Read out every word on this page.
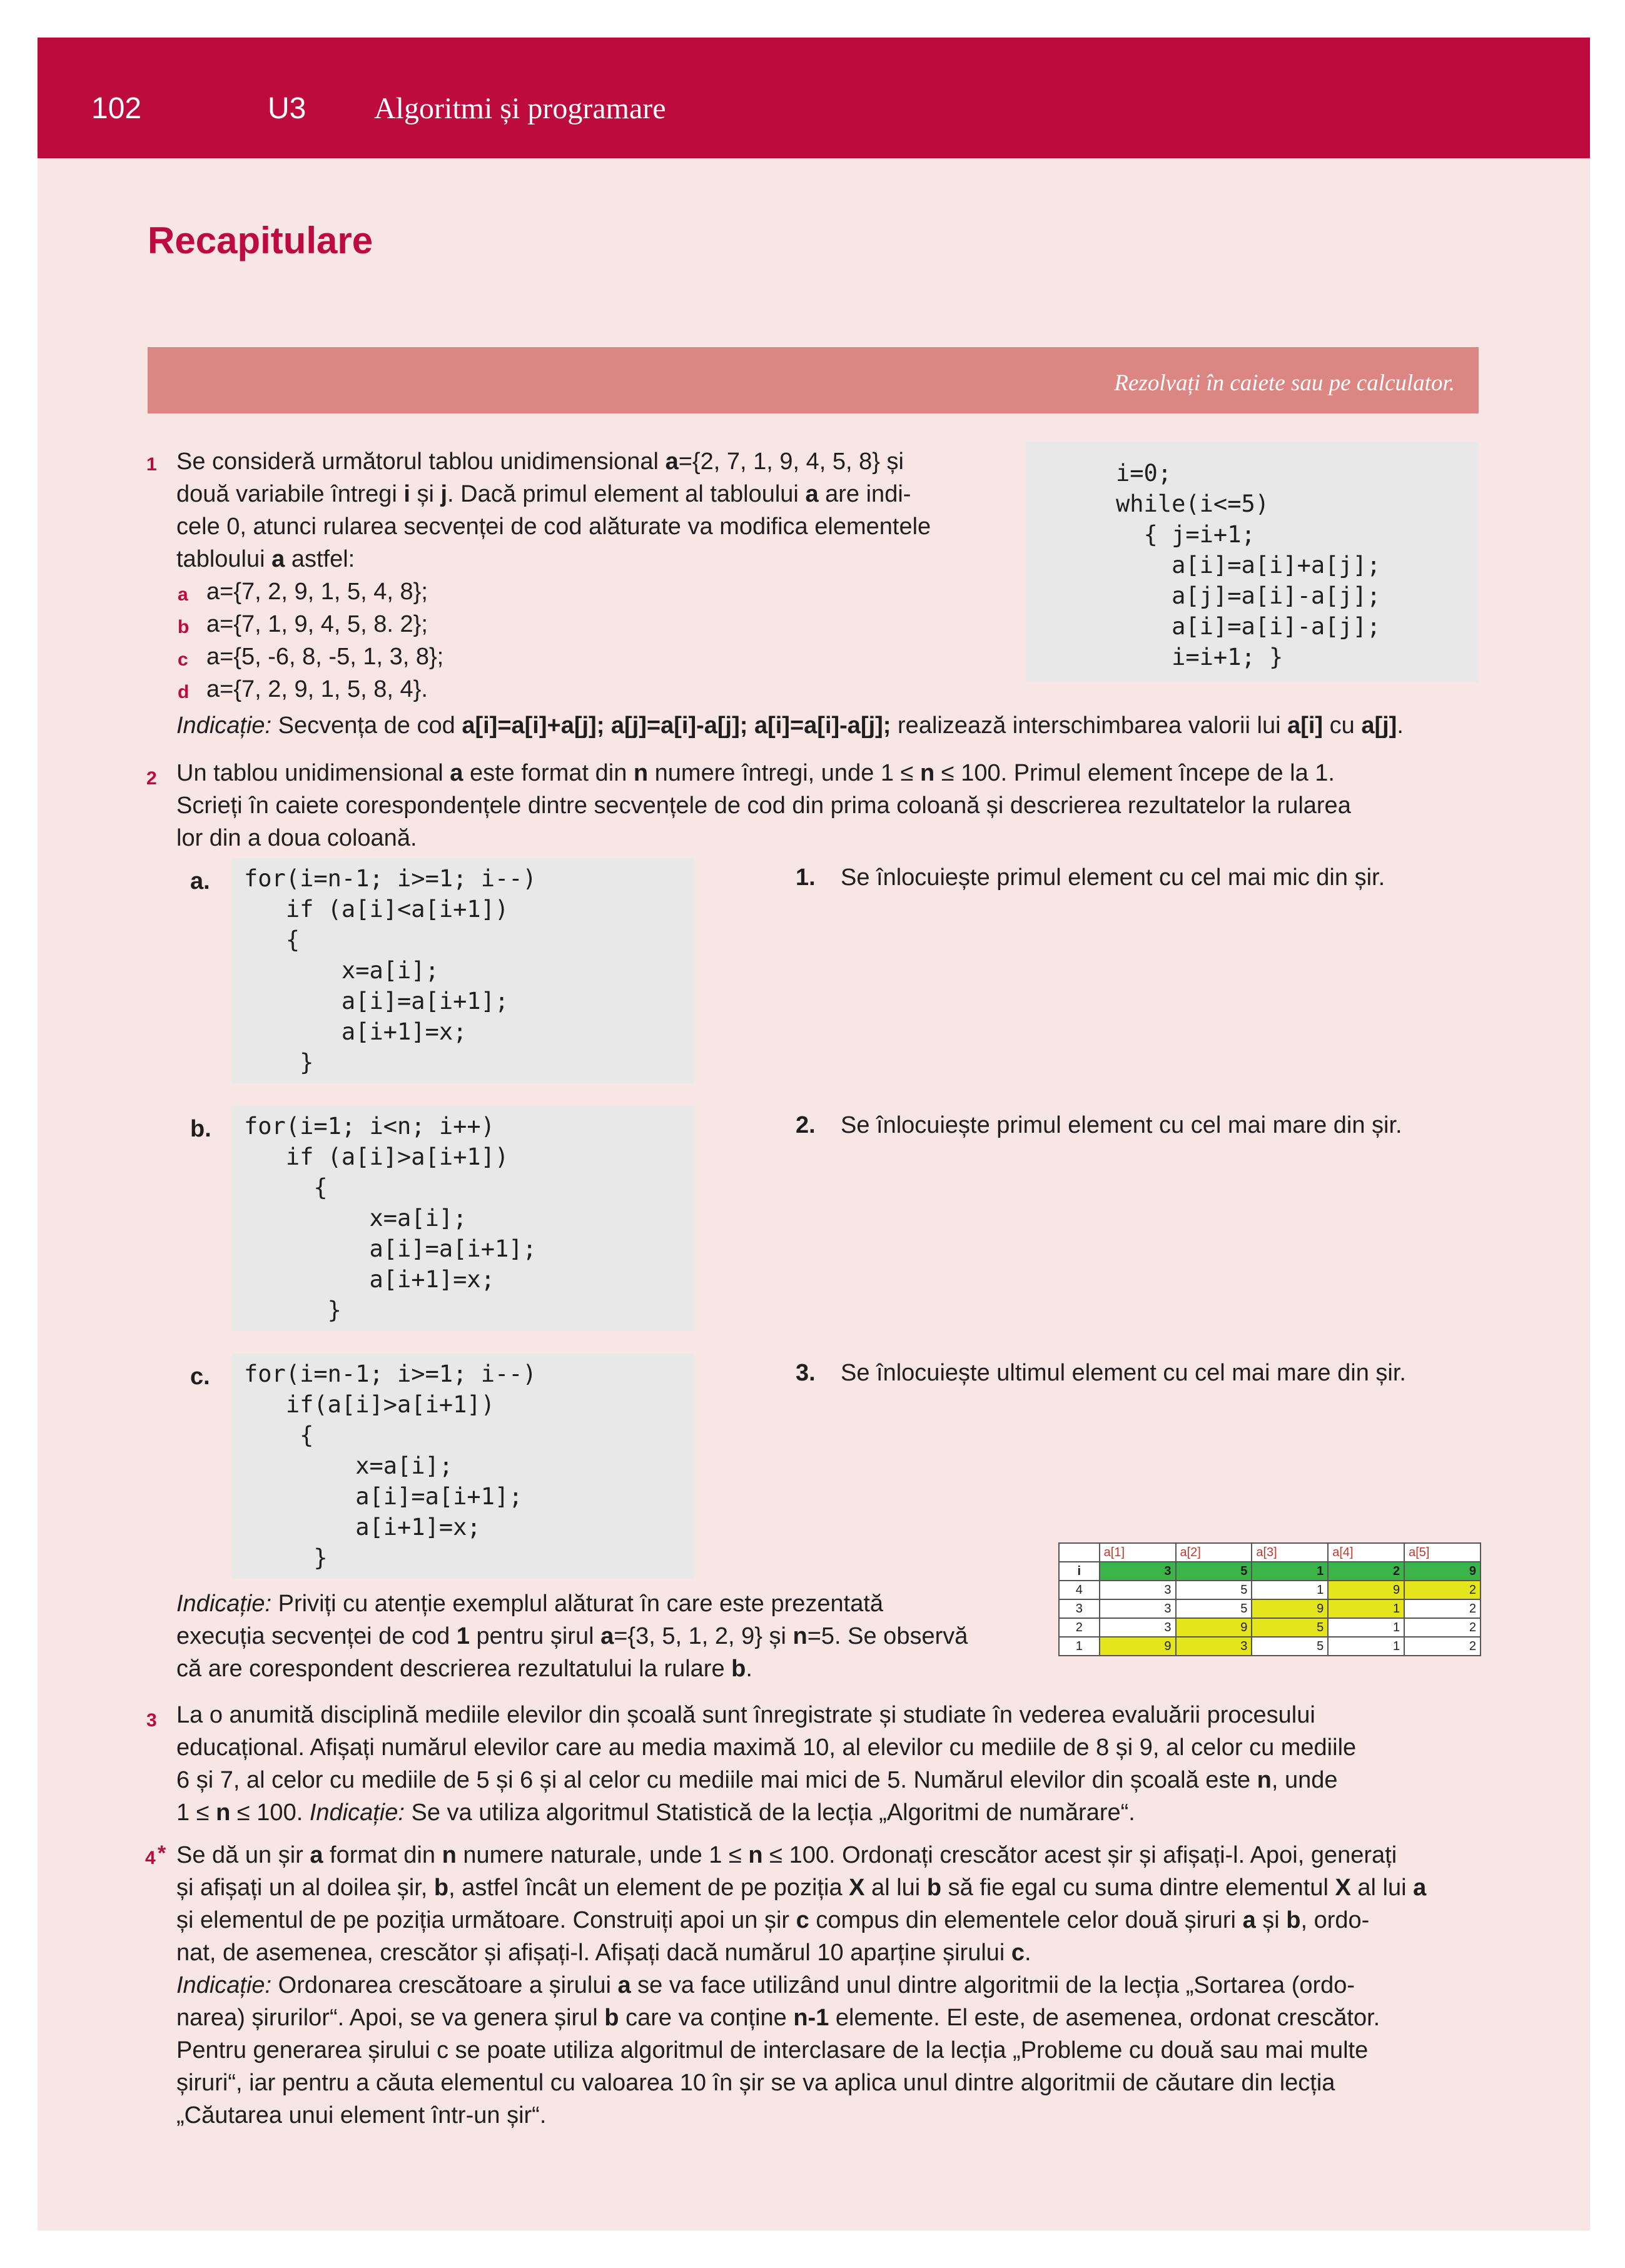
102	U3 Algoritmi și programare
Recapitulare
Rezolvați în caiete sau pe calculator.
1 Se consideră următorul tablou unidimensional a={2, 7, 1, 9, 4, 5, 8} și
două variabile întregi i și j. Dacă primul element al tabloului a are indi-
cele 0, atunci rularea secvenței de cod alăturate va modifica elementele
tabloului a astfel:
a a={7, 2, 9, 1, 5, 4, 8};
b a={7, 1, 9, 4, 5, 8. 2};
c a={5, -6, 8, -5, 1, 3, 8};
d a={7, 2, 9, 1, 5, 8, 4}.
Indicație: Secvența de cod a[i]=a[i]+a[j]; a[j]=a[i]-a[j]; a[i]=a[i]-a[j]; realizează interschimbarea valorii lui a[i] cu a[j].
i=0;
while(i<=5)
{ j=i+1;
a[i]=a[i]+a[j];
a[j]=a[i]-a[j];
a[i]=a[i]-a[j];
i=i+1; }
2 Un tablou unidimensional a este format din n numere întregi, unde 1 ≤ n ≤ 100. Primul element începe de la 1.
Scrieți în caiete corespondențele dintre secvențele de cod din prima coloană și descrierea rezultatelor la rularea
lor din a doua coloană.
a. for(i=n-1; i>=1; i--)
if (a[i]<a[i+1])
{
x=a[i];
a[i]=a[i+1];
a[i+1]=x;
}
b. for(i=1; i<n; i++)
if (a[i]>a[i+1])
{
x=a[i];
a[i]=a[i+1];
a[i+1]=x;
}
c. for(i=n-1; i>=1; i--)
if(a[i]>a[i+1])
{
x=a[i];
a[i]=a[i+1];
a[i+1]=x;
}
1. Se înlocuiește primul element cu cel mai mic din șir.
2. Se înlocuiește primul element cu cel mai mare din șir.
3. Se înlocuiește ultimul element cu cel mai mare din șir.
Indicație: Priviți cu atenție exemplul alăturat în care este prezentată
execuția secvenței de cod 1 pentru șirul a={3, 5, 1, 2, 9} și n=5. Se observă
că are corespondent descrierea rezultatului la rulare b.
	a[1]	a[2]	a[3]	a[4]	a[5]
i	3	5	1	2	9
4	3	5	1	9	2
3	3	5	9	1	2
2	3	9	5	1	2
1	9	3	5	1	2
3 La o anumită disciplină mediile elevilor din școală sunt înregistrate și studiate în vederea evaluării procesului
educațional. Afișați numărul elevilor care au media maximă 10, al elevilor cu mediile de 8 și 9, al celor cu mediile
6 și 7, al celor cu mediile de 5 și 6 și al celor cu mediile mai mici de 5. Numărul elevilor din școală este n, unde
1 ≤ n ≤ 100. Indicație: Se va utiliza algoritmul Statistică de la lecția „Algoritmi de numărare“.
4 * Se dă un șir a format din n numere naturale, unde 1 ≤ n ≤ 100. Ordonați crescător acest șir și afișați-l. Apoi, generați
și afișați un al doilea șir, b, astfel încât un element de pe poziția X al lui b să fie egal cu suma dintre elementul X al lui a
și elementul de pe poziția următoare. Construiți apoi un șir c compus din elementele celor două șiruri a și b, ordo-
nat, de asemenea, crescător și afișați-l. Afișați dacă numărul 10 aparține șirului c.
Indicație: Ordonarea crescătoare a șirului a se va face utilizând unul dintre algoritmii de la lecția „Sortarea (ordo-
narea) șirurilor“. Apoi, se va genera șirul b care va conține n-1 elemente. El este, de asemenea, ordonat crescător.
Pentru generarea șirului c se poate utiliza algoritmul de interclasare de la lecția „Probleme cu două sau mai multe
șiruri“, iar pentru a căuta elementul cu valoarea 10 în șir se va aplica unul dintre algoritmii de căutare din lecția
„Căutarea unui element într-un șir“.
